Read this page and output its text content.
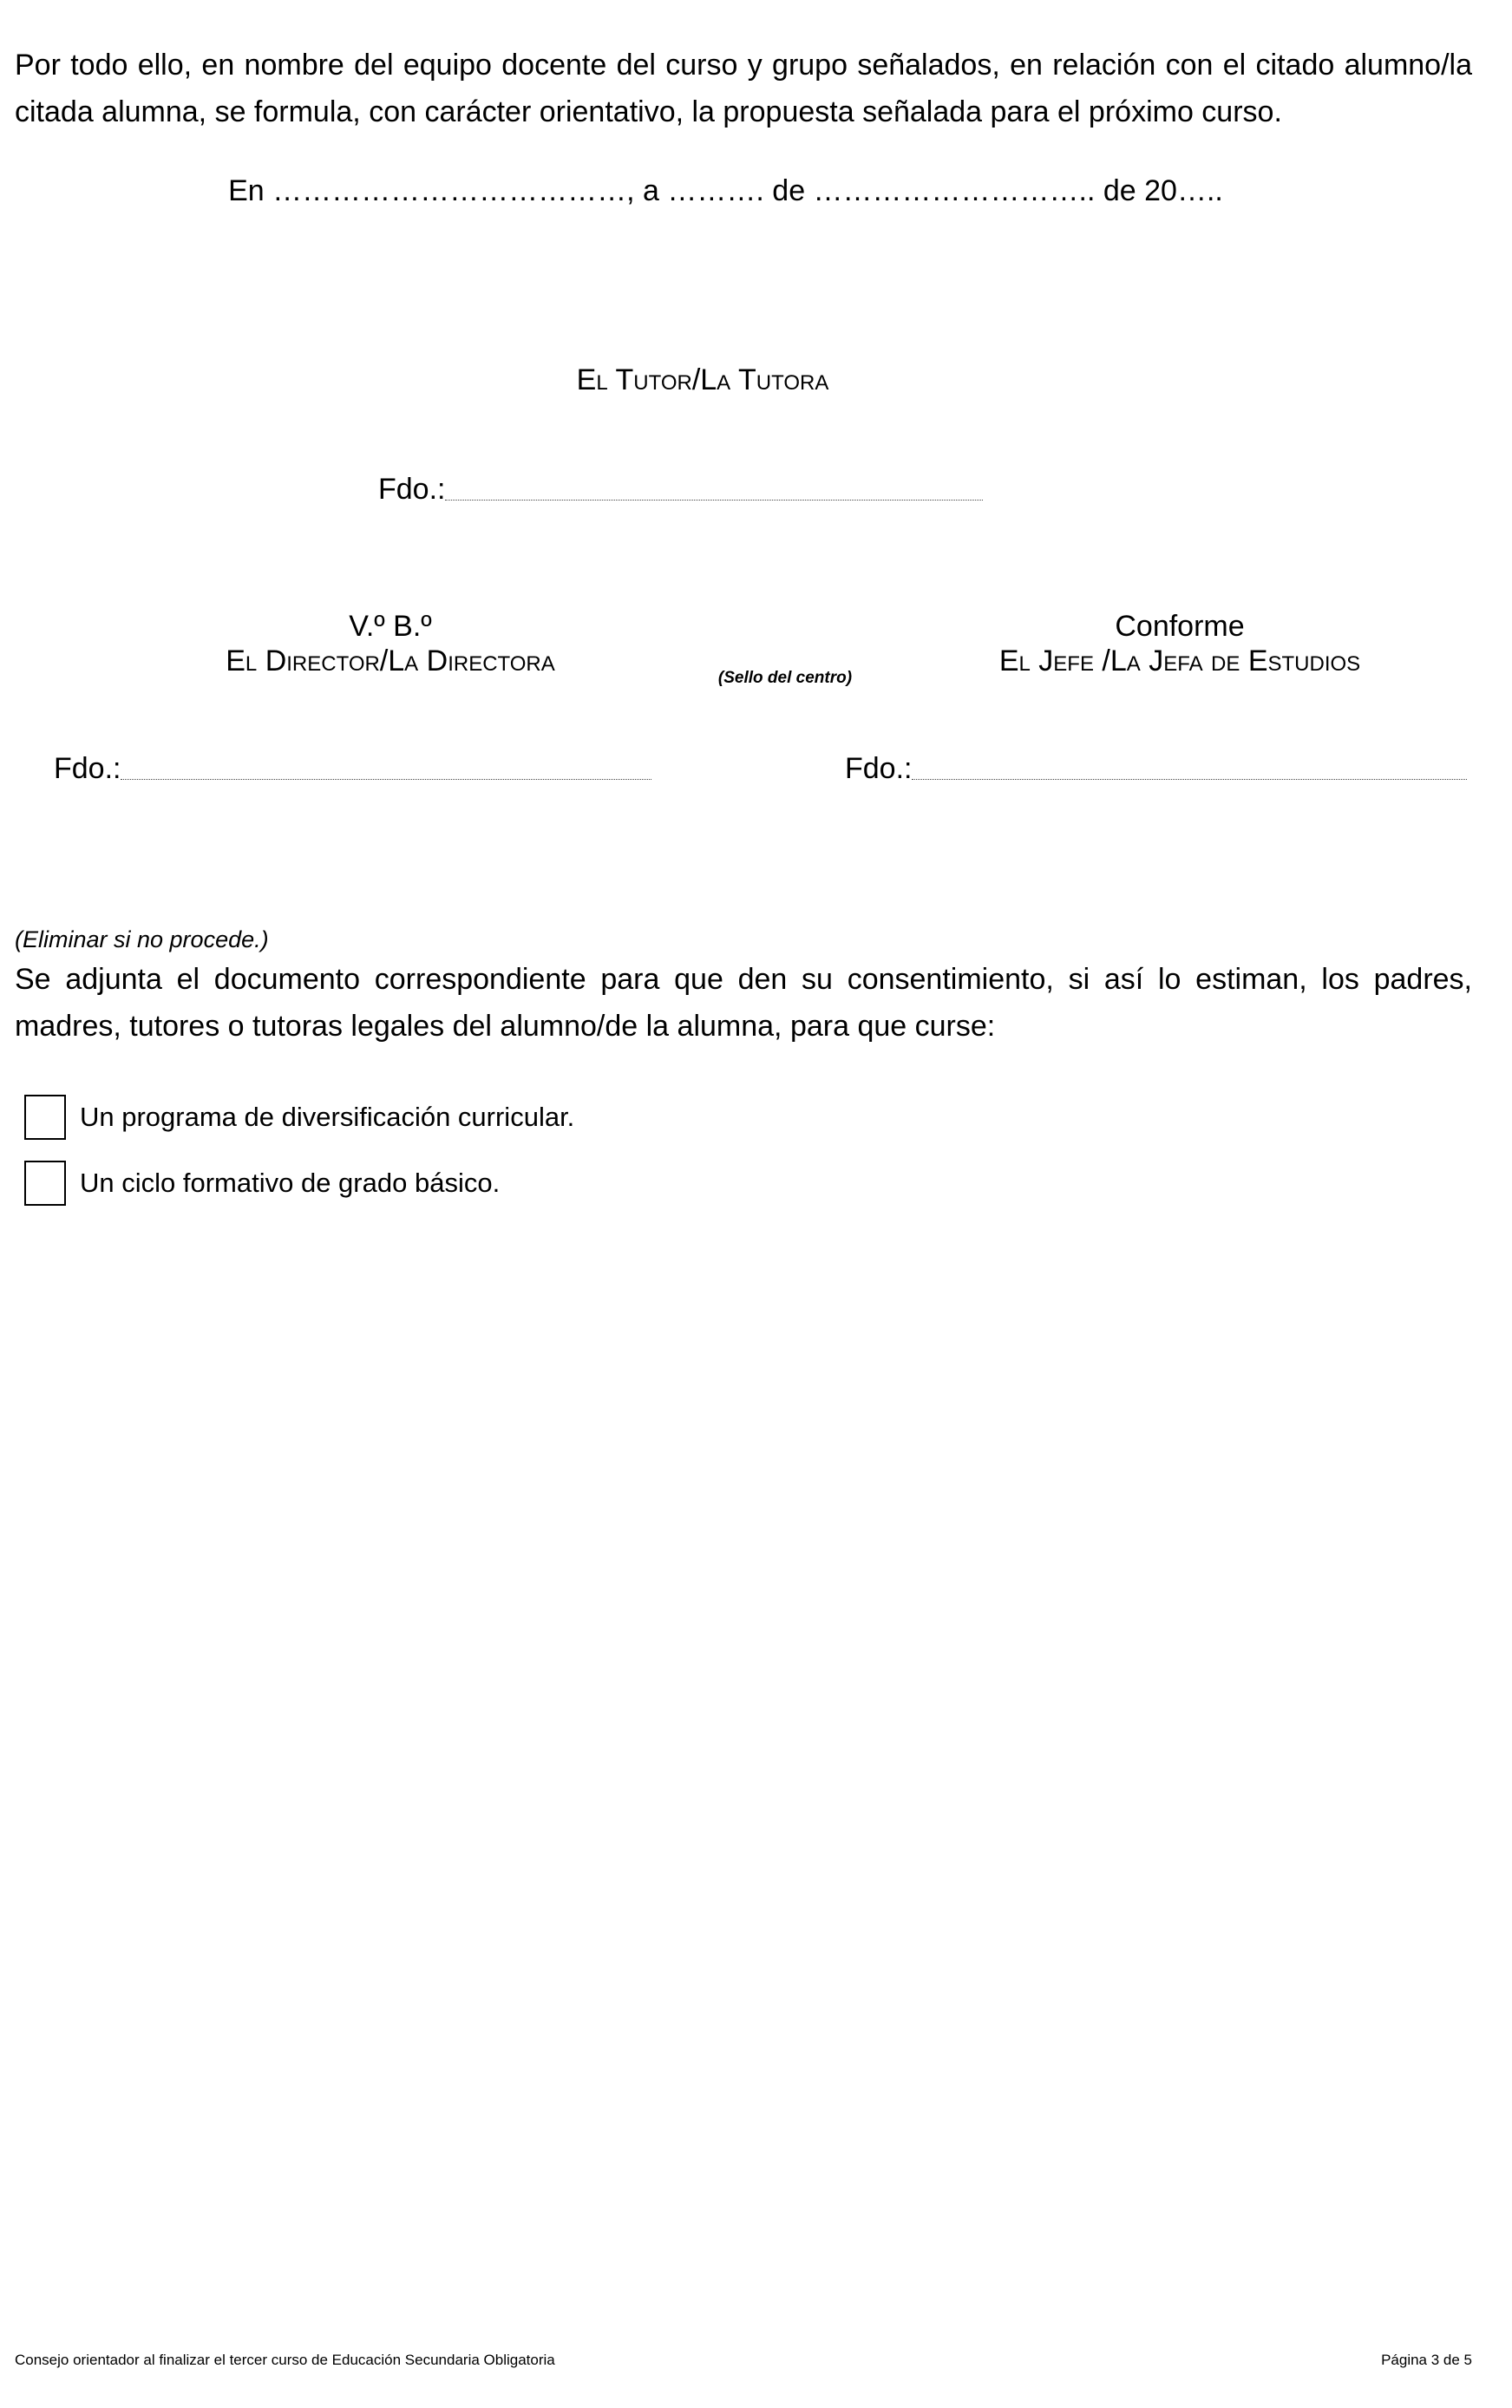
Por todo ello, en nombre del equipo docente del curso y grupo señalados, en relación con el citado alumno/la citada alumna, se formula, con carácter orientativo, la propuesta señalada para el próximo curso.

En ………………………………, a ………. de ……………………….. de 20…..
El Tutor/La Tutora
Fdo.:
V.º B.º
El Director/La Directora
(Sello del centro)
Conforme
El Jefe /La Jefa de Estudios
Fdo.:	Fdo.:
(Eliminar si no procede.)

Se adjunta el documento correspondiente para que den su consentimiento, si así lo estiman, los padres, madres, tutores o tutoras legales del alumno/de la alumna, para que curse:

Un programa de diversificación curricular.
Un ciclo formativo de grado básico.
Consejo orientador al finalizar el tercer curso de Educación Secundaria Obligatoria	Página 3 de 5
